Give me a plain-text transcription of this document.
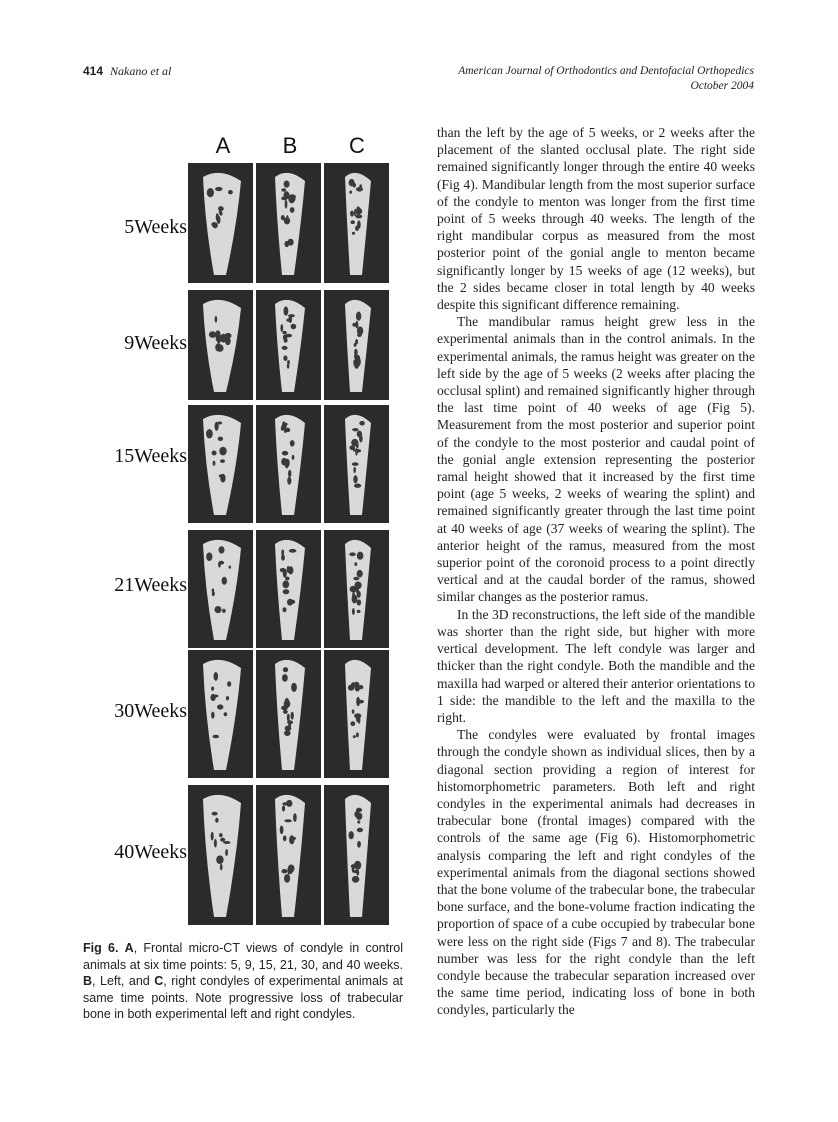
414 Nakano et al	American Journal of Orthodontics and Dentofacial Orthopedics
October 2004
A	B	C
5Weeks
9Weeks
15Weeks
21Weeks
30Weeks
40Weeks
Fig 6. A, Frontal micro-CT views of condyle in control animals at six time points: 5, 9, 15, 21, 30, and 40 weeks. B, Left, and C, right condyles of experimental animals at same time points. Note progressive loss of trabecular bone in both experimental left and right condyles.

than the left by the age of 5 weeks, or 2 weeks after the placement of the slanted occlusal plate. The right side remained significantly longer through the entire 40 weeks (Fig 4). Mandibular length from the most superior surface of the condyle to menton was longer from the first time point of 5 weeks through 40 weeks. The length of the right mandibular corpus as measured from the most posterior point of the gonial angle to menton became significantly longer by 15 weeks of age (12 weeks), but the 2 sides became closer in total length by 40 weeks despite this significant difference remaining.

The mandibular ramus height grew less in the experimental animals than in the control animals. In the experimental animals, the ramus height was greater on the left side by the age of 5 weeks (2 weeks after placing the occlusal splint) and remained significantly higher through the last time point of 40 weeks of age (Fig 5). Measurement from the most posterior and superior point of the condyle to the most posterior and caudal point of the gonial angle extension representing the posterior ramal height showed that it increased by the first time point (age 5 weeks, 2 weeks of wearing the splint) and remained significantly greater through the last time point at 40 weeks of age (37 weeks of wearing the splint). The anterior height of the ramus, measured from the most superior point of the coronoid process to a point directly vertical and at the caudal border of the ramus, showed similar changes as the posterior ramus.

In the 3D reconstructions, the left side of the mandible was shorter than the right side, but higher with more vertical development. The left condyle was larger and thicker than the right condyle. Both the mandible and the maxilla had warped or altered their anterior orientations to 1 side: the mandible to the left and the maxilla to the right.

The condyles were evaluated by frontal images through the condyle shown as individual slices, then by a diagonal section providing a region of interest for histomorphometric parameters. Both left and right condyles in the experimental animals had decreases in trabecular bone (frontal images) compared with the controls of the same age (Fig 6). Histomorphometric analysis comparing the left and right condyles of the experimental animals from the diagonal sections showed that the bone volume of the trabecular bone, the trabecular bone surface, and the bone-volume fraction indicating the proportion of space of a cube occupied by trabecular bone were less on the right side (Figs 7 and 8). The trabecular number was less for the right condyle than the left condyle because the trabecular separation increased over the same time period, indicating loss of bone in both condyles, particularly the
